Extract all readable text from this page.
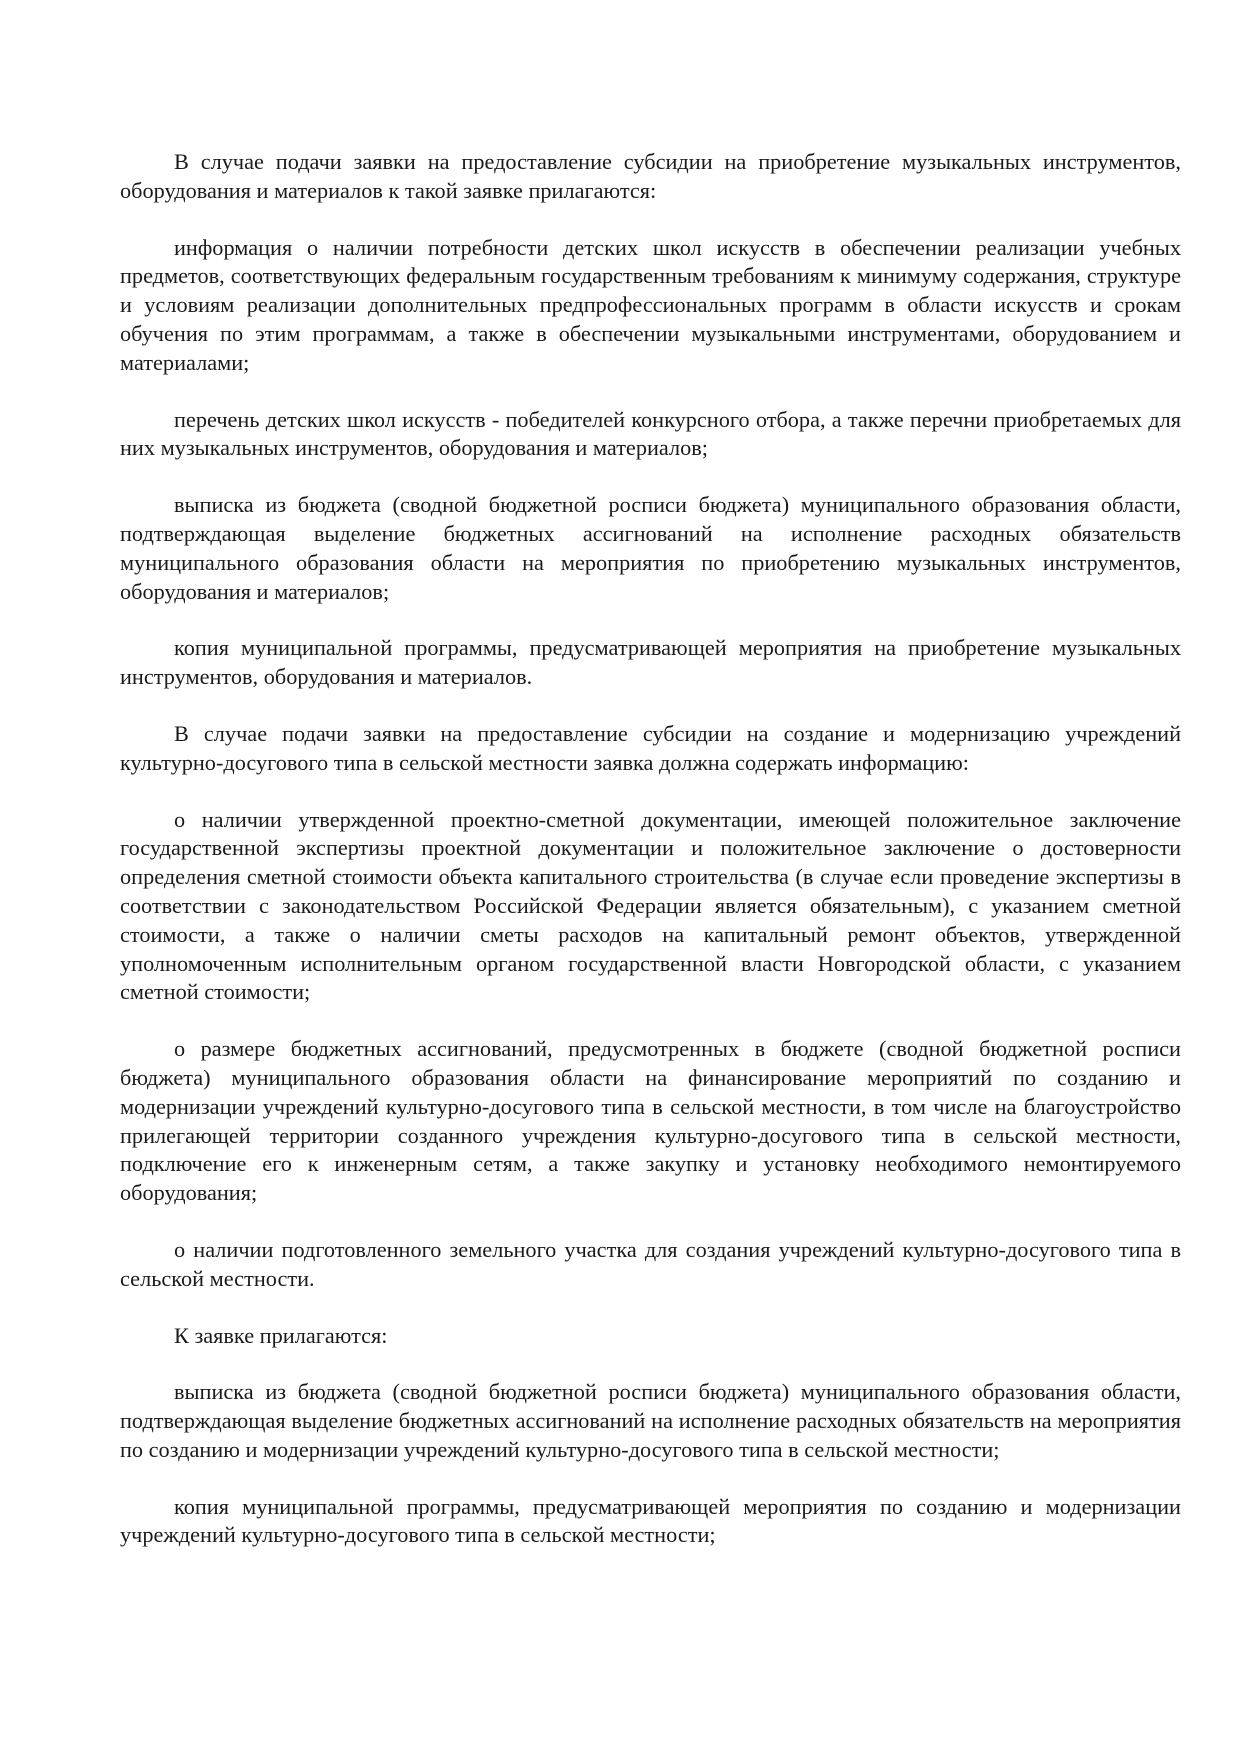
В случае подачи заявки на предоставление субсидии на приобретение музыкальных инструментов, оборудования и материалов к такой заявке прилагаются:

информация о наличии потребности детских школ искусств в обеспечении реализации учебных предметов, соответствующих федеральным государственным требованиям к минимуму содержания, структуре и условиям реализации дополнительных предпрофессиональных программ в области искусств и срокам обучения по этим программам, а также в обеспечении музыкальными инструментами, оборудованием и материалами;

перечень детских школ искусств - победителей конкурсного отбора, а также перечни приобретаемых для них музыкальных инструментов, оборудования и материалов;

выписка из бюджета (сводной бюджетной росписи бюджета) муниципального образования области, подтверждающая выделение бюджетных ассигнований на исполнение расходных обязательств муниципального образования области на мероприятия по приобретению музыкальных инструментов, оборудования и материалов;

копия муниципальной программы, предусматривающей мероприятия на приобретение музыкальных инструментов, оборудования и материалов.

В случае подачи заявки на предоставление субсидии на создание и модернизацию учреждений культурно-досугового типа в сельской местности заявка должна содержать информацию:

о наличии утвержденной проектно-сметной документации, имеющей положительное заключение государственной экспертизы проектной документации и положительное заключение о достоверности определения сметной стоимости объекта капитального строительства (в случае если проведение экспертизы в соответствии с законодательством Российской Федерации является обязательным), с указанием сметной стоимости, а также о наличии сметы расходов на капитальный ремонт объектов, утвержденной уполномоченным исполнительным органом государственной власти Новгородской области, с указанием сметной стоимости;

о размере бюджетных ассигнований, предусмотренных в бюджете (сводной бюджетной росписи бюджета) муниципального образования области на финансирование мероприятий по созданию и модернизации учреждений культурно-досугового типа в сельской местности, в том числе на благоустройство прилегающей территории созданного учреждения культурно-досугового типа в сельской местности, подключение его к инженерным сетям, а также закупку и установку необходимого немонтируемого оборудования;

о наличии подготовленного земельного участка для создания учреждений культурно-досугового типа в сельской местности.

К заявке прилагаются:

выписка из бюджета (сводной бюджетной росписи бюджета) муниципального образования области, подтверждающая выделение бюджетных ассигнований на исполнение расходных обязательств на мероприятия по созданию и модернизации учреждений культурно-досугового типа в сельской местности;

копия муниципальной программы, предусматривающей мероприятия по созданию и модернизации учреждений культурно-досугового типа в сельской местности;
